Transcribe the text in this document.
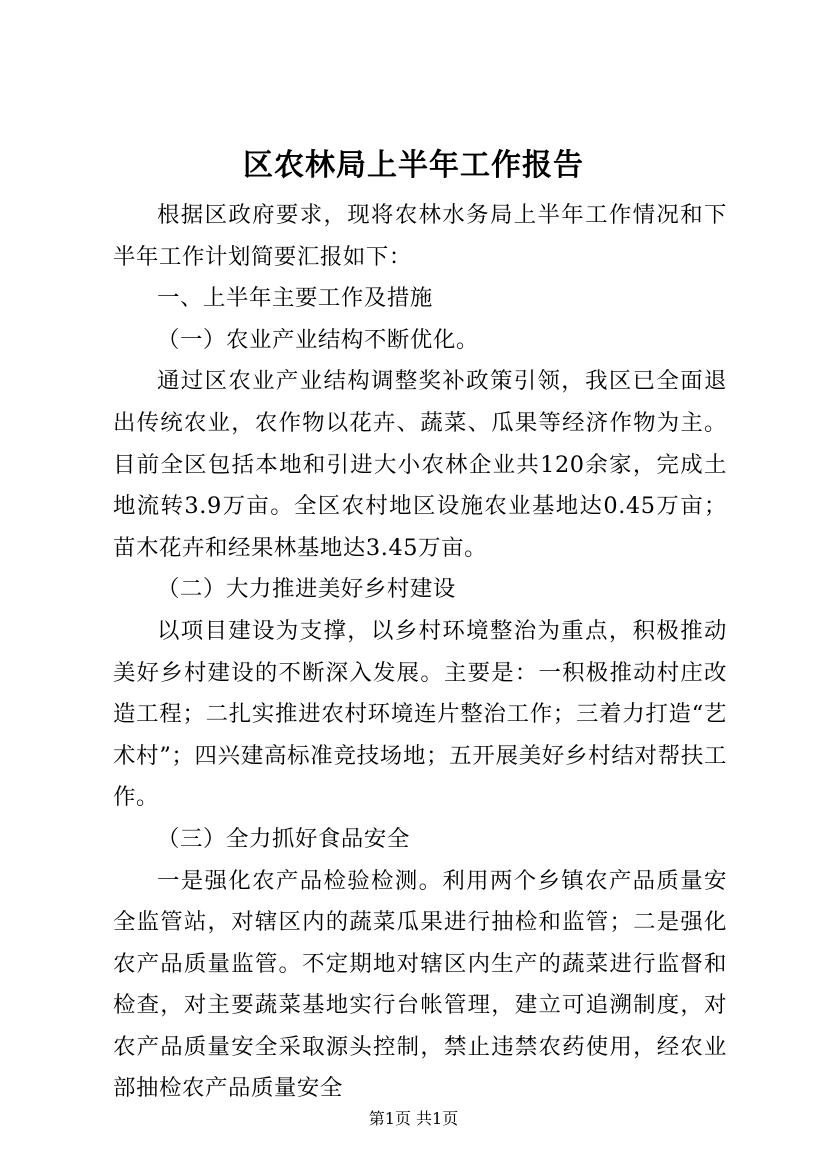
区农林局上半年工作报告

根据区政府要求，现将农林水务局上半年工作情况和下半年工作计划简要汇报如下：

一、上半年主要工作及措施

（一）农业产业结构不断优化。

通过区农业产业结构调整奖补政策引领，我区已全面退出传统农业，农作物以花卉、蔬菜、瓜果等经济作物为主。目前全区包括本地和引进大小农林企业共120余家，完成土地流转3.9万亩。全区农村地区设施农业基地达0.45万亩；苗木花卉和经果林基地达3.45万亩。

（二）大力推进美好乡村建设

以项目建设为支撑，以乡村环境整治为重点，积极推动美好乡村建设的不断深入发展。主要是：一积极推动村庄改造工程；二扎实推进农村环境连片整治工作；三着力打造“艺术村”；四兴建高标准竞技场地；五开展美好乡村结对帮扶工作。

（三）全力抓好食品安全

一是强化农产品检验检测。利用两个乡镇农产品质量安全监管站，对辖区内的蔬菜瓜果进行抽检和监管；二是强化农产品质量监管。不定期地对辖区内生产的蔬菜进行监督和检查，对主要蔬菜基地实行台帐管理，建立可追溯制度，对农产品质量安全采取源头控制，禁止违禁农药使用，经农业部抽检农产品质量安全

第1页 共1页
